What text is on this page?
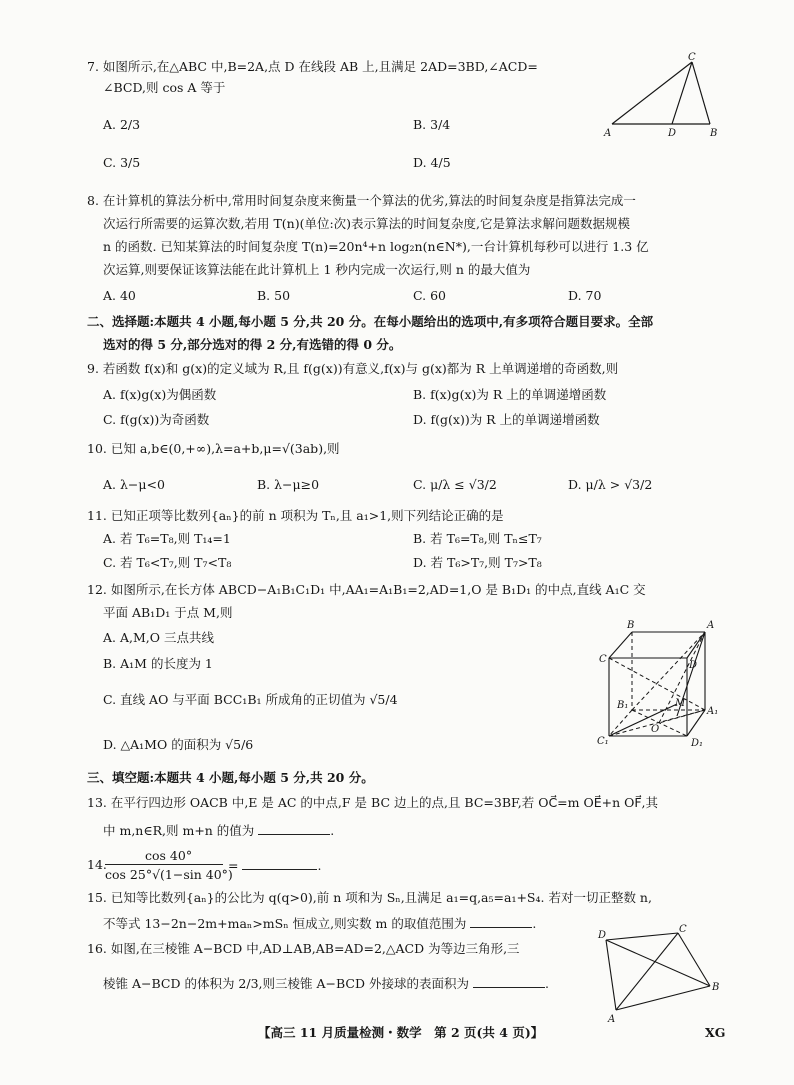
7. 如图所示,在△ABC 中,B=2A,点 D 在线段 AB 上,且满足 2AD=3BD,∠ACD=
∠BCD,则 cos A 等于
A. 2/3	B. 3/4
C. 3/5	D. 4/5
C
A	D	B
8. 在计算机的算法分析中,常用时间复杂度来衡量一个算法的优劣,算法的时间复杂度是指算法完成一
次运行所需要的运算次数,若用 T(n)(单位:次)表示算法的时间复杂度,它是算法求解问题数据规模
n 的函数. 已知某算法的时间复杂度 T(n)=20n⁴+n log₂n(n∈N*),一台计算机每秒可以进行 1.3 亿
次运算,则要保证该算法能在此计算机上 1 秒内完成一次运行,则 n 的最大值为
A. 40	B. 50	C. 60	D. 70
二、选择题:本题共 4 小题,每小题 5 分,共 20 分。在每小题给出的选项中,有多项符合题目要求。全部
选对的得 5 分,部分选对的得 2 分,有选错的得 0 分。
9. 若函数 f(x)和 g(x)的定义域为 R,且 f(g(x))有意义,f(x)与 g(x)都为 R 上单调递增的奇函数,则
A. f(x)g(x)为偶函数	B. f(x)g(x)为 R 上的单调递增函数
C. f(g(x))为奇函数	D. f(g(x))为 R 上的单调递增函数
10. 已知 a,b∈(0,+∞),λ=a+b,μ=√(3ab),则
A. λ−μ<0	B. λ−μ≥0	C. μ/λ ≤ √3/2	D. μ/λ > √3/2
11. 已知正项等比数列{aₙ}的前 n 项积为 Tₙ,且 a₁>1,则下列结论正确的是
A. 若 T₆=T₈,则 T₁₄=1	B. 若 T₆=T₈,则 Tₙ≤T₇
C. 若 T₆<T₇,则 T₇<T₈	D. 若 T₆>T₇,则 T₇>T₈
12. 如图所示,在长方体 ABCD−A₁B₁C₁D₁ 中,AA₁=A₁B₁=2,AD=1,O 是 B₁D₁ 的中点,直线 A₁C 交
平面 AB₁D₁ 于点 M,则
A. A,M,O 三点共线
B. A₁M 的长度为 1
C. 直线 AO 与平面 BCC₁B₁ 所成角的正切值为 √5/4
D. △A₁MO 的面积为 √5/6
B	A
C
D
B₁	M
A₁
C₁
O
D₁
三、填空题:本题共 4 小题,每小题 5 分,共 20 分。
13. 在平行四边形 OACB 中,E 是 AC 的中点,F 是 BC 边上的点,且 BC=3BF,若 OC⃗=m OE⃗+n OF⃗,其
中 m,n∈R,则 m+n 的值为	.
14.
cos 40°
cos 25°√(1−sin 40°)
=	.
15. 已知等比数列{aₙ}的公比为 q(q>0),前 n 项和为 Sₙ,且满足 a₁=q,a₅=a₁+S₄. 若对一切正整数 n,
不等式 13−2n−2m+maₙ>mSₙ 恒成立,则实数 m 的取值范围为	.
16. 如图,在三棱锥 A−BCD 中,AD⊥AB,AB=AD=2,△ACD 为等边三角形,三
棱锥 A−BCD 的体积为 2/3,则三棱锥 A−BCD 外接球的表面积为	.
D
C
B
A
【高三 11 月质量检测・数学　第 2 页(共 4 页)】	XG
